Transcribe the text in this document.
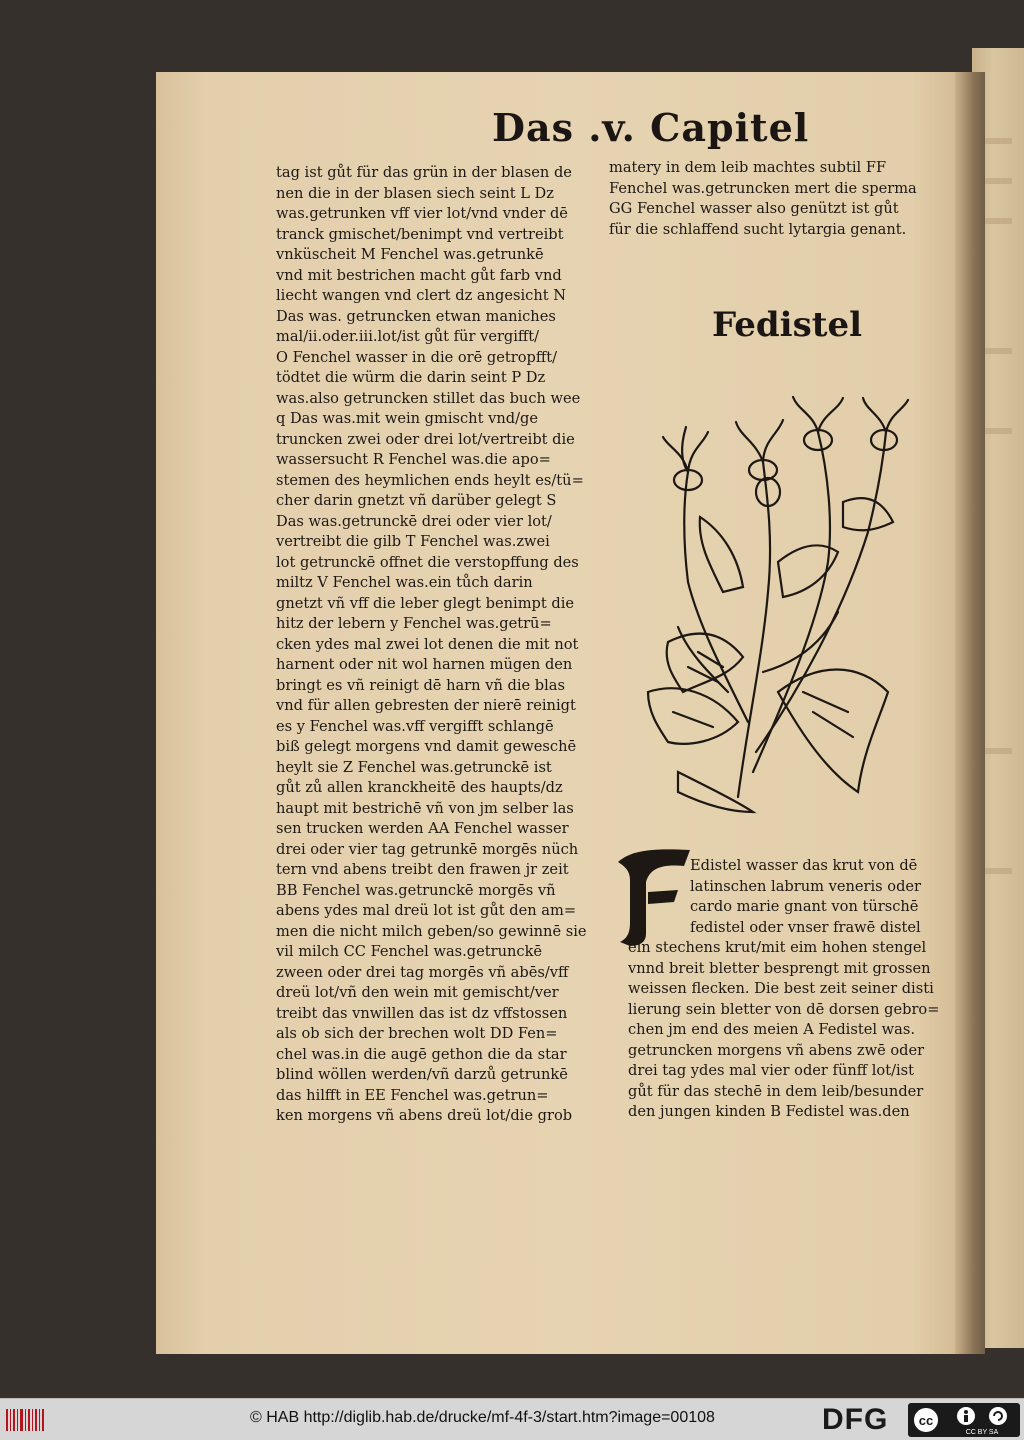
Das .v. Capitel
tag ist gůt für das grün in der blasen de
nen die in der blasen siech seint L Dz
was.getrunken vff vier lot/vnd vnder dē
tranck gmischet/benimpt vnd vertreibt
vnküscheit M Fenchel was.getrunkē
vnd mit bestrichen macht gůt farb vnd
liecht wangen vnd clert dz angesicht N
Das was. getruncken etwan maniches
mal/ii.oder.iii.lot/ist gůt für vergifft/
O Fenchel wasser in die orē getropfft/
tödtet die würm die darin seint P Dz
was.also getruncken stillet das buch wee
q Das was.mit wein gmischt vnd/ge
truncken zwei oder drei lot/vertreibt die
wassersucht R Fenchel was.die apo=
stemen des heymlichen ends heylt es/tü=
cher darin gnetzt vñ darüber gelegt S
Das was.getrunckē drei oder vier lot/
vertreibt die gilb T Fenchel was.zwei
lot getrunckē offnet die verstopffung des
miltz V Fenchel was.ein tůch darin
gnetzt vñ vff die leber glegt benimpt die
hitz der lebern y Fenchel was.getrū=
cken ydes mal zwei lot denen die mit not
harnent oder nit wol harnen mügen den
bringt es vñ reinigt dē harn vñ die blas
vnd für allen gebresten der nierē reinigt
es y Fenchel was.vff vergifft schlangē
biß gelegt morgens vnd damit geweschē
heylt sie Z Fenchel was.getrunckē ist
gůt zů allen kranckheitē des haupts/dz
haupt mit bestrichē vñ von jm selber las
sen trucken werden AA Fenchel wasser
drei oder vier tag getrunkē morgēs nüch
tern vnd abens treibt den frawen jr zeit
BB Fenchel was.getrunckē morgēs vñ
abens ydes mal dreü lot ist gůt den am=
men die nicht milch geben/so gewinnē sie
vil milch CC Fenchel was.getrunckē
zween oder drei tag morgēs vñ abēs/vff
dreü lot/vñ den wein mit gemischt/ver
treibt das vnwillen das ist dz vffstossen
als ob sich der brechen wolt DD Fen=
chel was.in die augē gethon die da star
blind wöllen werden/vñ darzů getrunkē
das hilfft in EE Fenchel was.getrun=
ken morgens vñ abens dreü lot/die grob
matery in dem leib machtes subtil FF
Fenchel was.getruncken mert die sperma
GG Fenchel wasser also genützt ist gůt
für die schlaffend sucht lytargia genant.
Fedistel
Edistel wasser das krut von dē
latinschen labrum veneris oder
cardo marie gnant von türschē
fedistel oder vnser frawē distel
ein stechens krut/mit eim hohen stengel
vnnd breit bletter besprengt mit grossen
weissen flecken. Die best zeit seiner disti
lierung sein bletter von dē dorsen gebro=
chen jm end des meien A Fedistel was.
getruncken morgens vñ abens zwē oder
drei tag ydes mal vier oder fünff lot/ist
gůt für das stechē in dem leib/besunder
den jungen kinden B Fedistel was.den
© HAB http://diglib.hab.de/drucke/mf-4f-3/start.htm?image=00108	DFG cc
CC BY SA
